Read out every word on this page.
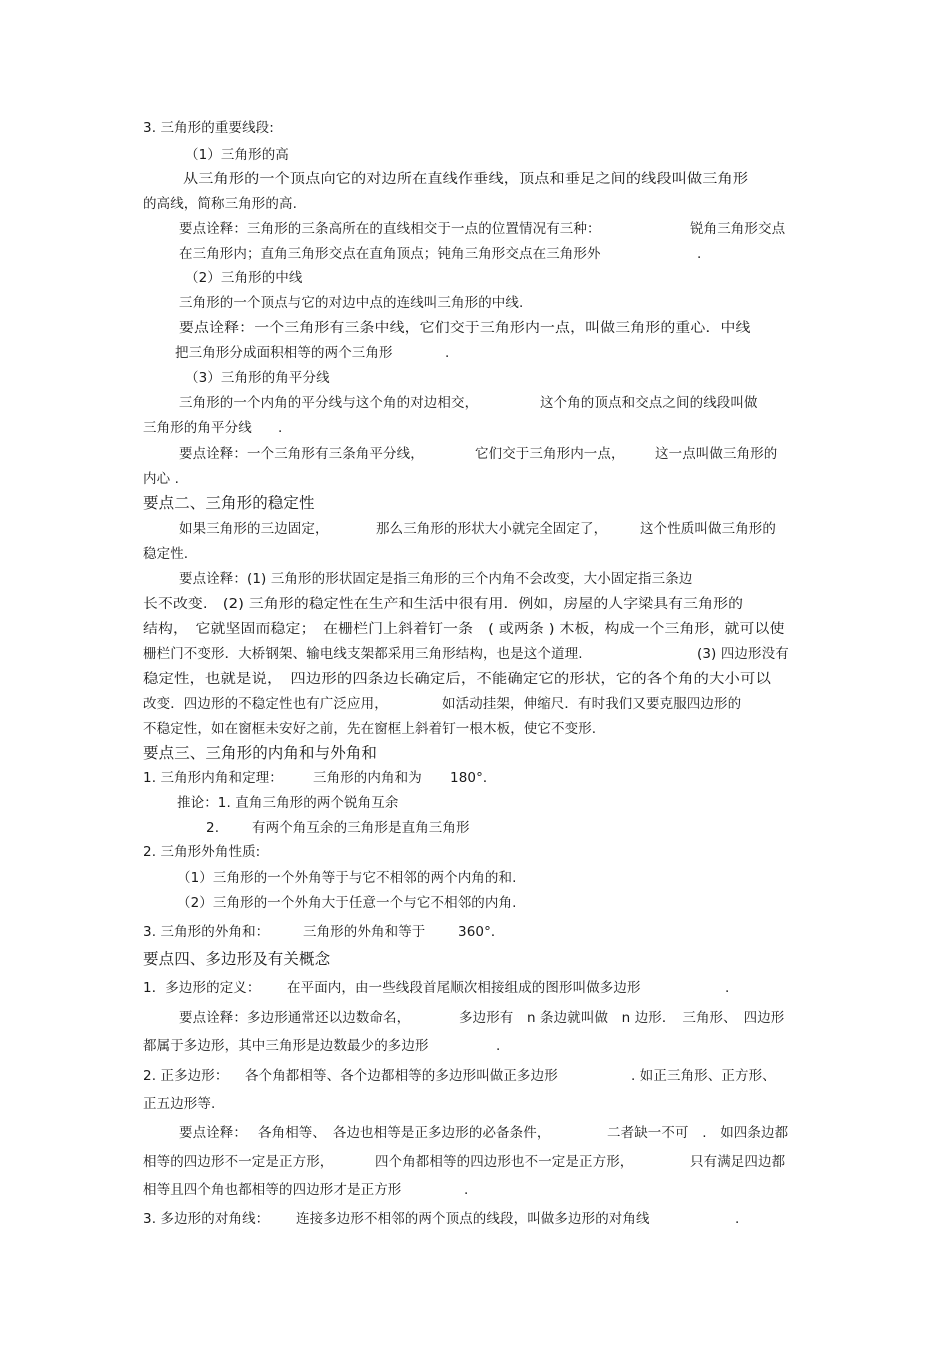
3. 三角形的重要线段:
（1）三角形的高
从三角形的一个顶点向它的对边所在直线作垂线，顶点和垂足之间的线段叫做三角形
的高线，简称三角形的高.
要点诠释：三角形的三条高所在的直线相交于一点的位置情况有三种：	锐角三角形交点
在三角形内；直角三角形交点在直角顶点；钝角三角形交点在三角形外	.
（2）三角形的中线
三角形的一个顶点与它的对边中点的连线叫三角形的中线.
要点诠释：一个三角形有三条中线，它们交于三角形内一点，叫做三角形的重心．中线
把三角形分成面积相等的两个三角形	.
（3）三角形的角平分线
三角形的一个内角的平分线与这个角的对边相交，	这个角的顶点和交点之间的线段叫做
三角形的角平分线 .
要点诠释：一个三角形有三条角平分线，	它们交于三角形内一点， 这一点叫做三角形的
内心 .
要点二、三角形的稳定性
如果三角形的三边固定，	那么三角形的形状大小就完全固定了， 这个性质叫做三角形的
稳定性.
要点诠释：(1) 三角形的形状固定是指三角形的三个内角不会改变，大小固定指三条边
长不改变.　(2) 三角形的稳定性在生产和生活中很有用．例如，房屋的人字梁具有三角形的
结构，　它就坚固而稳定；　在栅栏门上斜着钉一条　( 或两条 ) 木板，构成一个三角形，就可以使
栅栏门不变形．大桥钢架、输电线支架都采用三角形结构，也是这个道理.	(3) 四边形没有
稳定性，也就是说，　四边形的四条边长确定后，不能确定它的形状，它的各个角的大小可以
改变．四边形的不稳定性也有广泛应用，	如活动挂架，伸缩尺．有时我们又要克服四边形的
不稳定性，如在窗框未安好之前，先在窗框上斜着钉一根木板，使它不变形.
要点三、三角形的内角和与外角和
1. 三角形内角和定理： 三角形的内角和为 180°．
推论：1. 直角三角形的两个锐角互余
2. 有两个角互余的三角形是直角三角形
2. 三角形外角性质:
（1）三角形的一个外角等于与它不相邻的两个内角的和.
（2）三角形的一个外角大于任意一个与它不相邻的内角.
3. 三角形的外角和： 三角形的外角和等于 360°．
要点四、多边形及有关概念
1．多边形的定义： 在平面内，由一些线段首尾顺次相接组成的图形叫做多边形	.
要点诠释：多边形通常还以边数命名，	多边形有　n 条边就叫做　n 边形．　三角形、　四边形
都属于多边形，其中三角形是边数最少的多边形	.
2. 正多边形： 各个角都相等、各个边都相等的多边形叫做正多边形	. 如正三角形、正方形、
正五边形等.
要点诠释： 各角相等、　各边也相等是正多边形的必备条件，	二者缺一不可　.　如四条边都
相等的四边形不一定是正方形，	四个角都相等的四边形也不一定是正方形，	只有满足四边都
相等且四个角也都相等的四边形才是正方形	.
3. 多边形的对角线： 连接多边形不相邻的两个顶点的线段，叫做多边形的对角线	.
